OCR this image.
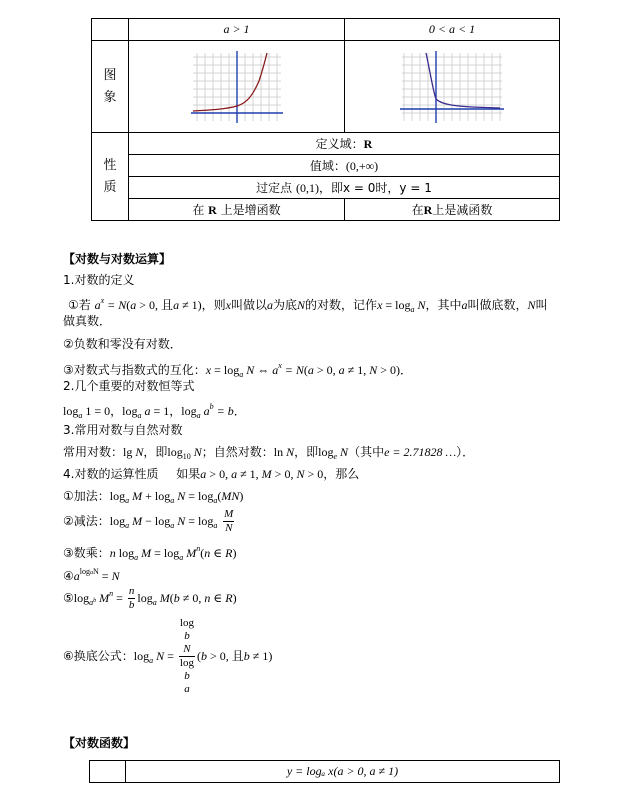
	a > 1	0 < a < 1
图象	

性质	定义域：R	
	值域：(0,+∞)	
	过定点 (0,1)，即x = 0时，y = 1	
	在 R 上是增函数	在R上是减函数
【对数与对数运算】
1.对数的定义
①若 $a^x = N(a > 0$, 且a ≠ 1)，则x叫做以a为底N的对数，记作$x = \log_a N$，其中a叫做底数，N叫
做真数．
②负数和零没有对数．
③对数式与指数式的互化：$x = \log_a N$ ⇔ $a^x = N(a > 0$, a ≠ 1, N > 0)．
2.几个重要的对数恒等式
$\log_a 1 = 0$，$\log_a a = 1$，$\log_a a^b = b$．
3.常用对数与自然对数
常用对数：lg N，即$\log_{10} N$；自然对数：ln N，即$\log_e N$（其中e = 2.71828 …）．
4.对数的运算性质 如果a > 0, a ≠ 1, M > 0, N > 0，那么
①加法：$\log_a M + \log_a N = \log_a(MN)$
②减法：$\log_a M - \log_a N = \log_a \frac{M}{N}$
③数乘：n $\log_a M = \log_a M^n(n$ ∈ R)
$④a^{logaN} = N$
$⑤\log_{a^b}$ $M^n = \frac{n}{b} \log_a M(b \ne 0$, n ∈ R)
⑥换底公式：$\log_a N = \log$
b
N
log
b
a (b > 0, 且b ≠ 1)
【对数函数】
	y = logₐ x(a > 0, a ≠ 1)
